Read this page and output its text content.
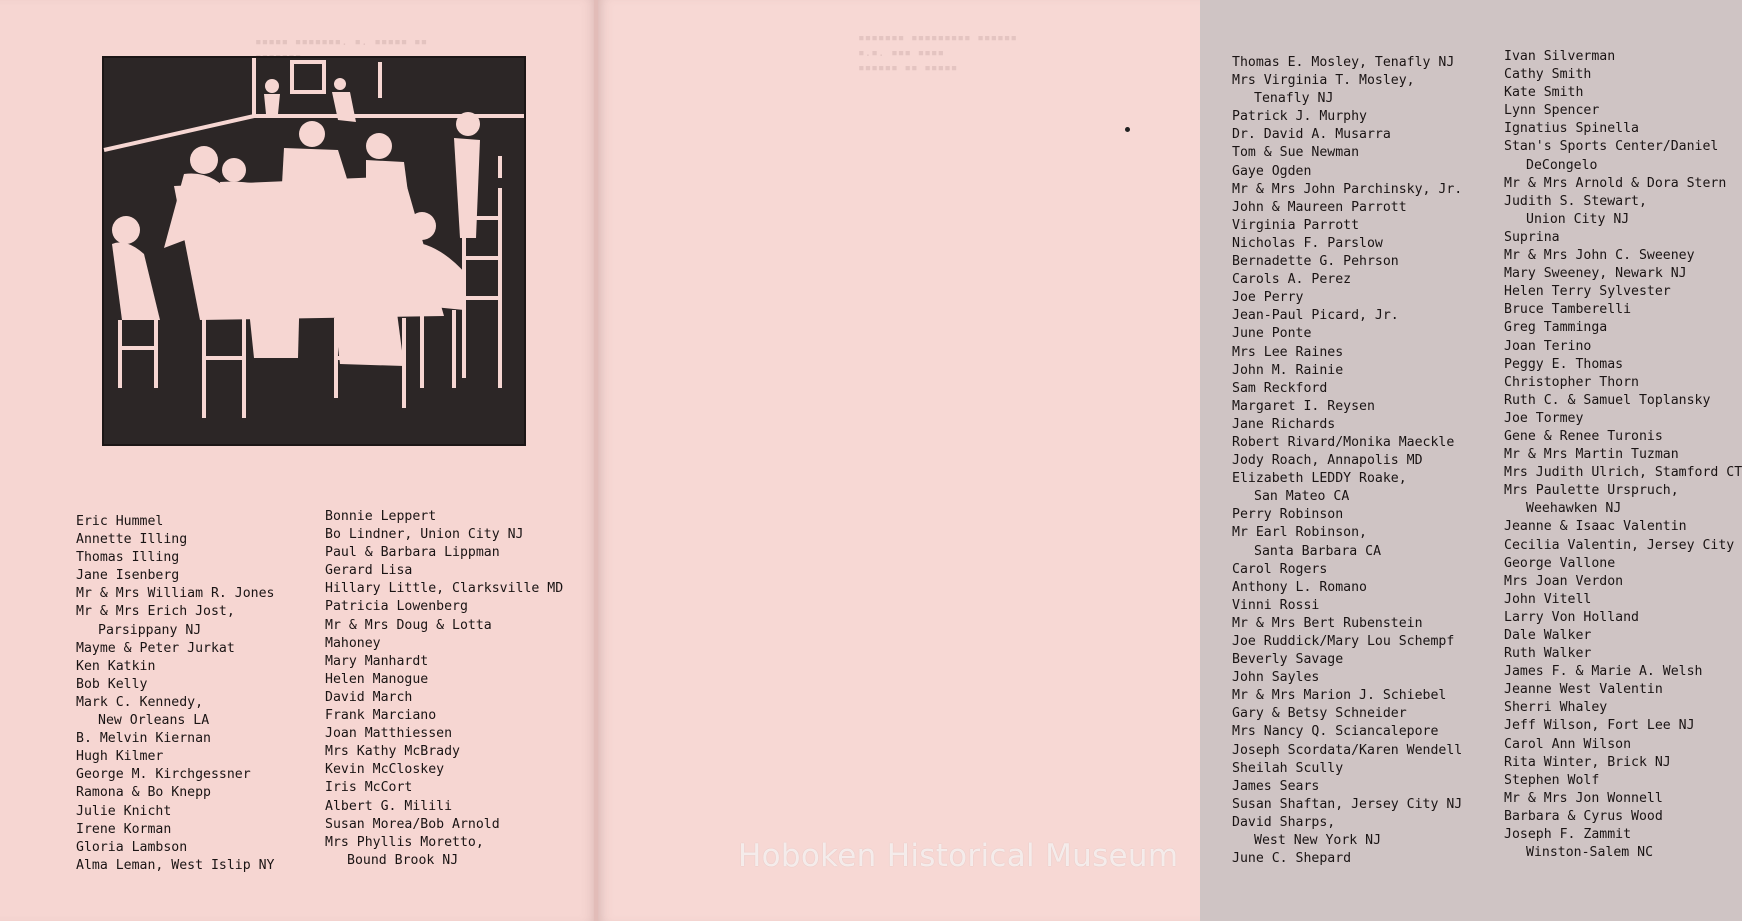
▪▪▪▪▪ ▪▪▪▪▪▪▪. ▪. ▪▪▪▪▪ ▪▪

Eric Hummel
Annette Illing
Thomas Illing
Jane Isenberg
Mr & Mrs William R. Jones
Mr & Mrs Erich Jost,
Parsippany NJ
Mayme & Peter Jurkat
Ken Katkin
Bob Kelly
Mark C. Kennedy,
New Orleans LA
B. Melvin Kiernan
Hugh Kilmer
George M. Kirchgessner
Ramona & Bo Knepp
Julie Knicht
Irene Korman
Gloria Lambson
Alma Leman, West Islip NY
Bonnie Leppert
Bo Lindner, Union City NJ
Paul & Barbara Lippman
Gerard Lisa
Hillary Little, Clarksville MD
Patricia Lowenberg
Mr & Mrs Doug & Lotta
Mahoney
Mary Manhardt
Helen Manogue
David March
Frank Marciano
Joan Matthiessen
Mrs Kathy McBrady
Kevin McCloskey
Iris McCort
Albert G. Milili
Susan Morea/Bob Arnold
Mrs Phyllis Moretto,
Bound Brook NJ
▪▪▪▪▪▪▪ ▪▪▪▪▪▪▪▪▪ ▪▪▪▪▪▪
▪.▪. ▪▪▪ ▪▪▪▪
▪▪▪▪▪▪ ▪▪ ▪▪▪▪▪	Thomas E. Mosley, Tenafly NJ
Mrs Virginia T. Mosley,
Tenafly NJ
Patrick J. Murphy
Dr. David A. Musarra
Tom & Sue Newman
Gaye Ogden
Mr & Mrs John Parchinsky, Jr.
John & Maureen Parrott
Virginia Parrott
Nicholas F. Parslow
Bernadette G. Pehrson
Carols A. Perez
Joe Perry
Jean-Paul Picard, Jr.
June Ponte
Mrs Lee Raines
John M. Rainie
Sam Reckford
Margaret I. Reysen
Jane Richards
Robert Rivard/Monika Maeckle
Jody Roach, Annapolis MD
Elizabeth LEDDY Roake,
San Mateo CA
Perry Robinson
Mr Earl Robinson,
Santa Barbara CA
Carol Rogers
Anthony L. Romano
Vinni Rossi
Mr & Mrs Bert Rubenstein
Joe Ruddick/Mary Lou Schempf
Beverly Savage
John Sayles
Mr & Mrs Marion J. Schiebel
Gary & Betsy Schneider
Mrs Nancy Q. Sciancalepore
Joseph Scordata/Karen Wendell
Sheilah Scully
James Sears
Susan Shaftan, Jersey City NJ
David Sharps,
West New York NJ
June C. Shepard
Ivan Silverman
Cathy Smith
Kate Smith
Lynn Spencer
Ignatius Spinella
Stan's Sports Center/Daniel
DeCongelo
Mr & Mrs Arnold & Dora Stern
Judith S. Stewart,
Union City NJ
Suprina
Mr & Mrs John C. Sweeney
Mary Sweeney, Newark NJ
Helen Terry Sylvester
Bruce Tamberelli
Greg Tamminga
Joan Terino
Peggy E. Thomas
Christopher Thorn
Ruth C. & Samuel Toplansky
Joe Tormey
Gene & Renee Turonis
Mr & Mrs Martin Tuzman
Mrs Judith Ulrich, Stamford CT
Mrs Paulette Urspruch,
Weehawken NJ
Jeanne & Isaac Valentin
Cecilia Valentin, Jersey City
George Vallone
Mrs Joan Verdon
John Vitell
Larry Von Holland
Dale Walker
Ruth Walker
James F. & Marie A. Welsh
Jeanne West Valentin
Sherri Whaley
Jeff Wilson, Fort Lee NJ
Carol Ann Wilson
Rita Winter, Brick NJ
Stephen Wolf
Mr & Mrs Jon Wonnell
Barbara & Cyrus Wood
Joseph F. Zammit
Winston-Salem NC
Hoboken Historical Museum
